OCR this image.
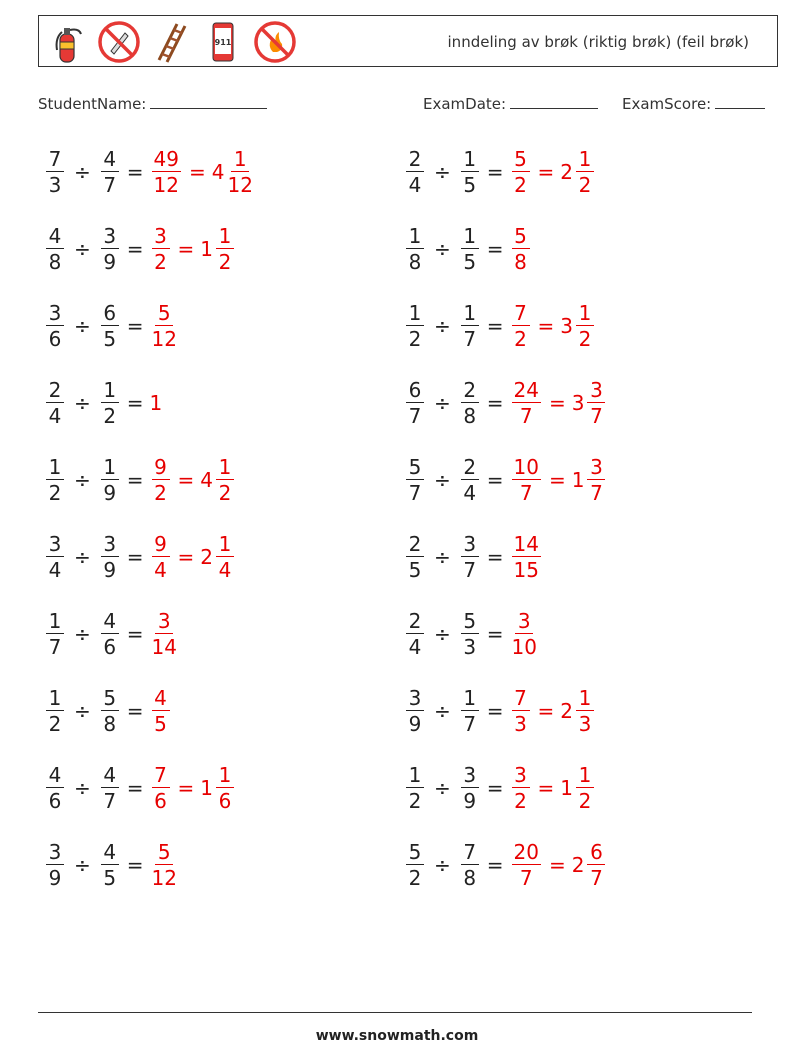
911	inndeling av brøk (riktig brøk) (feil brøk)
StudentName:	ExamDate:	ExamScore:
$\frac{7}{3} \div \frac{4}{7} = \frac{49}{12} = 4 \frac{1}{12}$	$\frac{2}{4} \div \frac{1}{5} = \frac{5}{2} = 2 \frac{1}{2}$
$\frac{4}{8} \div \frac{3}{9} = \frac{3}{2} = 1 \frac{1}{2}$	$\frac{1}{8} \div \frac{1}{5} = \frac{5}{8}$
$\frac{3}{6} \div \frac{6}{5} = \frac{5}{12}$	$\frac{1}{2} \div \frac{1}{7} = \frac{7}{2} = 3 \frac{1}{2}$
$\frac{2}{4} \div \frac{1}{2} = 1$	$\frac{6}{7} \div \frac{2}{8} = \frac{24}{7} = 3 \frac{3}{7}$
$\frac{1}{2} \div \frac{1}{9} = \frac{9}{2} = 4 \frac{1}{2}$	$\frac{5}{7} \div \frac{2}{4} = \frac{10}{7} = 1 \frac{3}{7}$
$\frac{3}{4} \div \frac{3}{9} = \frac{9}{4} = 2 \frac{1}{4}$	$\frac{2}{5} \div \frac{3}{7} = \frac{14}{15}$
$\frac{1}{7} \div \frac{4}{6} = \frac{3}{14}$	$\frac{2}{4} \div \frac{5}{3} = \frac{3}{10}$
$\frac{1}{2} \div \frac{5}{8} = \frac{4}{5}$	$\frac{3}{9} \div \frac{1}{7} = \frac{7}{3} = 2 \frac{1}{3}$
$\frac{4}{6} \div \frac{4}{7} = \frac{7}{6} = 1 \frac{1}{6}$	$\frac{1}{2} \div \frac{3}{9} = \frac{3}{2} = 1 \frac{1}{2}$
$\frac{3}{9} \div \frac{4}{5} = \frac{5}{12}$	$\frac{5}{2} \div \frac{7}{8} = \frac{20}{7} = 2 \frac{6}{7}$
www.snowmath.com
